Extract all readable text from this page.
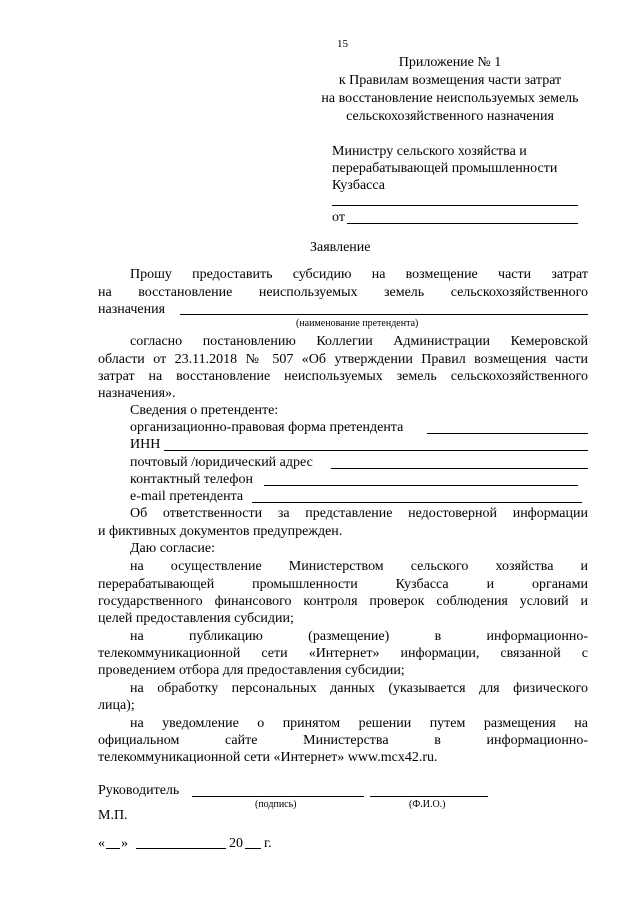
15
Приложение № 1
к Правилам возмещения части затрат
на восстановление неиспользуемых земель
сельскохозяйственного назначения
Министру сельского хозяйства и
перерабатывающей промышленности
Кузбасса
от
Заявление
Прошу предоставить субсидию на возмещение части затрат
на восстановление неиспользуемых земель сельскохозяйственного
назначения
(наименование претендента)
согласно постановлению Коллегии Администрации Кемеровской
области от 23.11.2018 № 507 «Об утверждении Правил возмещения части
затрат на восстановление неиспользуемых земель сельскохозяйственного
назначения».
Сведения о претенденте:
организационно-правовая форма претендента
ИНН
почтовый /юридический адрес
контактный телефон
e-mail претендента
Об ответственности за представление недостоверной информации
и фиктивных документов предупрежден.
Даю согласие:
на осуществление Министерством сельского хозяйства и
перерабатывающей промышленности Кузбасса и органами
государственного финансового контроля проверок соблюдения условий и
целей предоставления субсидии;
на публикацию (размещение) в информационно-
телекоммуникационной сети «Интернет» информации, связанной с
проведением отбора для предоставления субсидии;
на обработку персональных данных (указывается для физического
лица);
на уведомление о принятом решении путем размещения на
официальном сайте Министерства в информационно-
телекоммуникационной сети «Интернет» www.mcx42.ru.
Руководитель
(подпись)	(Ф.И.О.)
М.П.
« »	20 г.
